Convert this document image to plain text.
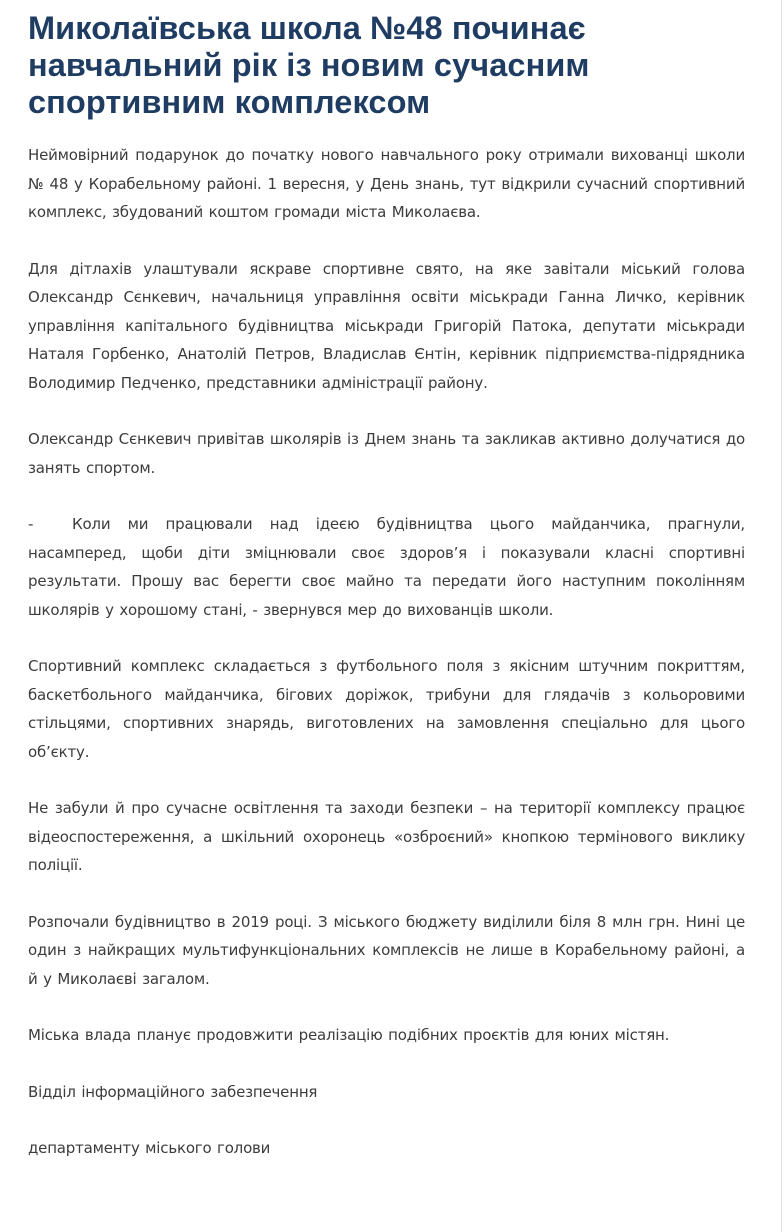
Миколаївська школа №48 починає навчальний рік із новим сучасним спортивним комплексом

Неймовірний подарунок до початку нового навчального року отримали вихованці школи № 48 у Корабельному районі. 1 вересня, у День знань, тут відкрили сучасний спортивний комплекс, збудований коштом громади міста Миколаєва.

Для дітлахів улаштували яскраве спортивне свято, на яке завітали міський голова Олександр Сєнкевич, начальниця управління освіти міськради Ганна Личко, керівник управління капітального будівництва міськради Григорій Патока, депутати міськради Наталя Горбенко, Анатолій Петров, Владислав Єнтін, керівник підприємства-підрядника Володимир Педченко, представники адміністрації району.

Олександр Сєнкевич привітав школярів із Днем знань та закликав активно долучатися до занять спортом.

-	Коли ми працювали над ідеєю будівництва цього майданчика, прагнули, насамперед, щоби діти зміцнювали своє здоров’я і показували класні спортивні результати. Прошу вас берегти своє майно та передати його наступним поколінням школярів у хорошому стані, - звернувся мер до вихованців школи.

Спортивний комплекс складається з футбольного поля з якісним штучним покриттям, баскетбольного майданчика, бігових доріжок, трибуни для глядачів з кольоровими стільцями, спортивних знарядь, виготовлених на замовлення спеціально для цього об’єкту.

Не забули й про сучасне освітлення та заходи безпеки – на території комплексу працює відеоспостереження, а шкільний охоронець «озброєний» кнопкою термінового виклику поліції.

Розпочали будівництво в 2019 році. З міського бюджету виділили біля 8 млн грн. Нині це один з найкращих мультифункціональних комплексів не лише в Корабельному районі, а й у Миколаєві загалом.

Міська влада планує продовжити реалізацію подібних проєктів для юних містян.

Відділ інформаційного забезпечення

департаменту міського голови
